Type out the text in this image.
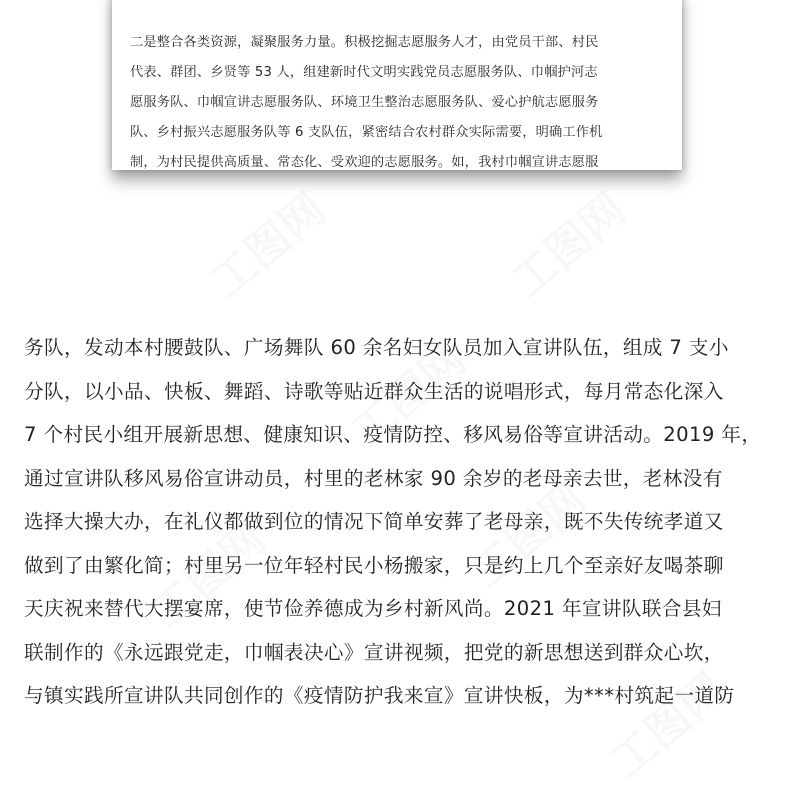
二是整合各类资源，凝聚服务力量。积极挖掘志愿服务人才，由党员干部、村民
代表、群团、乡贤等 53 人，组建新时代文明实践党员志愿服务队、巾帼护河志
愿服务队、巾帼宣讲志愿服务队、环境卫生整治志愿服务队、爱心护航志愿服务
队、乡村振兴志愿服务队等 6 支队伍，紧密结合农村群众实际需要，明确工作机
制，为村民提供高质量、常态化、受欢迎的志愿服务。如，我村巾帼宣讲志愿服
工图网	工图网
工图网
工图网	工图网
工图网
务队，发动本村腰鼓队、广场舞队 60 余名妇女队员加入宣讲队伍，组成 7 支小
分队，以小品、快板、舞蹈、诗歌等贴近群众生活的说唱形式，每月常态化深入
7 个村民小组开展新思想、健康知识、疫情防控、移风易俗等宣讲活动。2019 年，
通过宣讲队移风易俗宣讲动员，村里的老林家 90 余岁的老母亲去世，老林没有
选择大操大办，在礼仪都做到位的情况下简单安葬了老母亲，既不失传统孝道又
做到了由繁化简；村里另一位年轻村民小杨搬家，只是约上几个至亲好友喝茶聊
天庆祝来替代大摆宴席，使节俭养德成为乡村新风尚。2021 年宣讲队联合县妇
联制作的《永远跟党走，巾帼表决心》宣讲视频，把党的新思想送到群众心坎，
与镇实践所宣讲队共同创作的《疫情防护我来宣》宣讲快板，为***村筑起一道防
